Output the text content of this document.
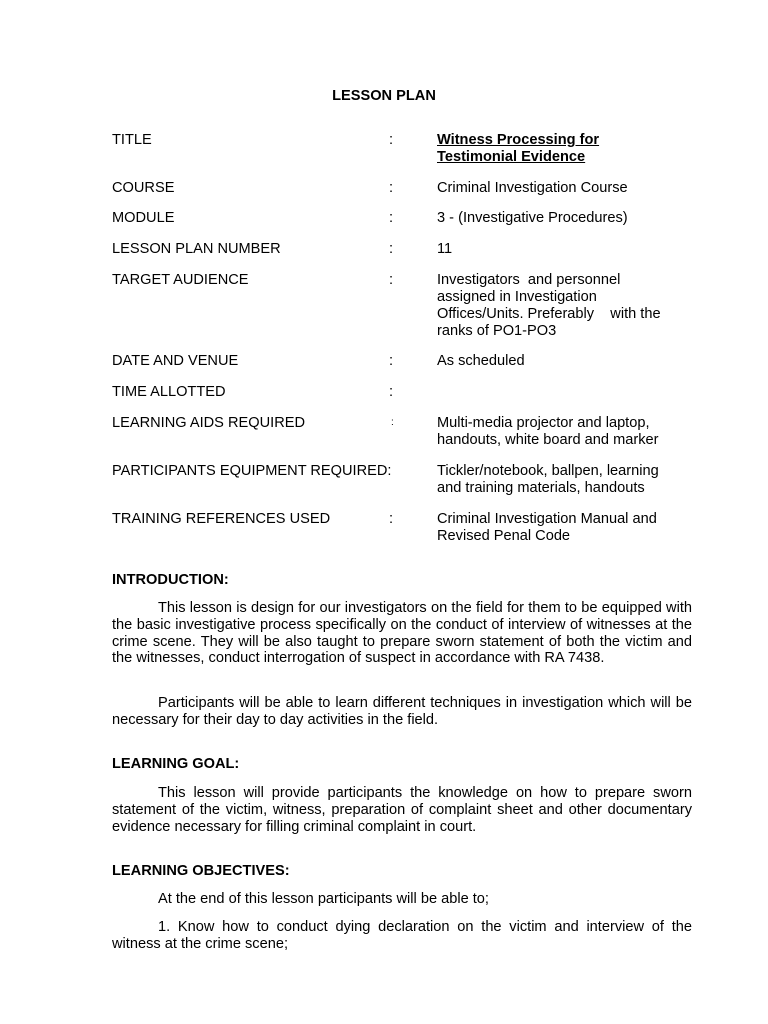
LESSON PLAN
TITLE	:	Witness Processing for
Testimonial Evidence
COURSE	:	Criminal Investigation Course
MODULE	:	3 - (Investigative Procedures)
LESSON PLAN NUMBER	:	11
TARGET AUDIENCE	:	Investigators  and personnel
assigned in Investigation
Offices/Units. Preferably    with the
ranks of PO1-PO3
DATE AND VENUE	:	As scheduled
TIME ALLOTTED	:
LEARNING AIDS REQUIRED	:	Multi-media projector and laptop,
handouts, white board and marker
PARTICIPANTS EQUIPMENT REQUIRED:	Tickler/notebook, ballpen, learning
and training materials, handouts
TRAINING REFERENCES USED	:	Criminal Investigation Manual and
Revised Penal Code
INTRODUCTION:
This lesson is design for our investigators on the field for them to be equipped with the basic investigative process specifically on the conduct of interview of witnesses at the crime scene. They will be also taught to prepare sworn statement of both the victim and the witnesses, conduct interrogation of suspect in accordance with RA 7438.
Participants will be able to learn different techniques in investigation which will be necessary for their day to day activities in the field.
LEARNING GOAL:
This lesson will provide participants the knowledge on how to prepare sworn statement of the victim, witness, preparation of complaint sheet and other documentary evidence necessary for filling criminal complaint in court.
LEARNING OBJECTIVES:
At the end of this lesson participants will be able to;
1. Know how to conduct dying declaration on the victim and interview of the witness at the crime scene;
